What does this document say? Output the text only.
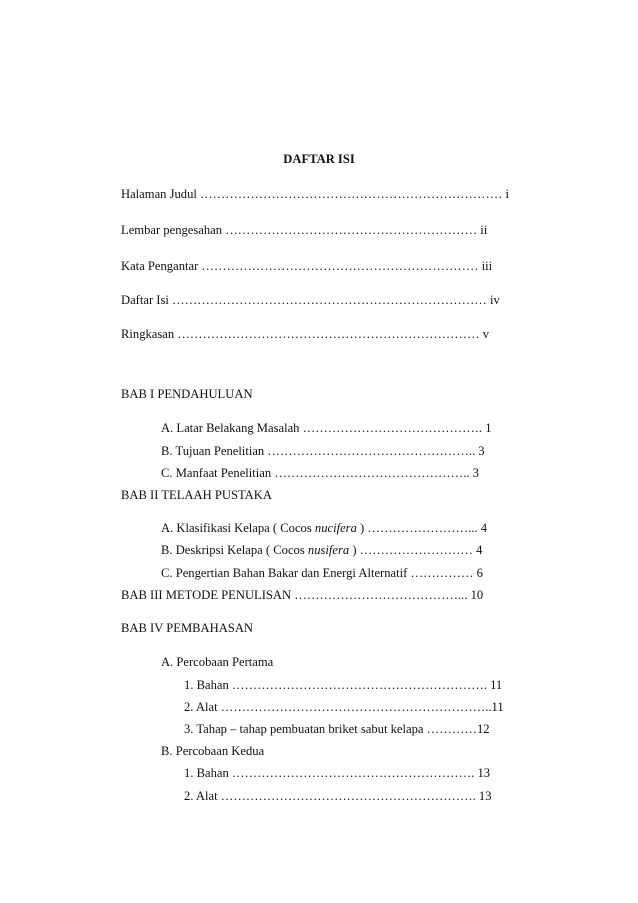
DAFTAR ISI
Halaman Judul ……………………………………………………………… i
Lembar pengesahan …………………………………………………… ii
Kata Pengantar ………………………………………………………… iii
Daftar Isi ………………………………………………………………… iv
Ringkasan ……………………………………………………………… v
BAB I PENDAHULUAN
A. Latar Belakang Masalah ……………………………………. 1
B. Tujuan Penelitian ………………………………………….. 3
C. Manfaat Penelitian ……………………………………….. 3
BAB II TELAAH PUSTAKA
A. Klasifikasi Kelapa ( Cocos nucifera ) ……………………... 4
B. Deskripsi Kelapa ( Cocos nusifera ) ……………………… 4
C. Pengertian Bahan Bakar dan Energi Alternatif …………… 6
BAB III METODE PENULISAN …………………………………... 10
BAB IV PEMBAHASAN
A. Percobaan Pertama
1. Bahan ……………………………………………………. 11
2. Alat ………………………………………………………..11
3. Tahap – tahap pembuatan briket sabut kelapa …………12
B. Percobaan Kedua
1. Bahan …………………………………………………. 13
2. Alat ……………………………………………………. 13
